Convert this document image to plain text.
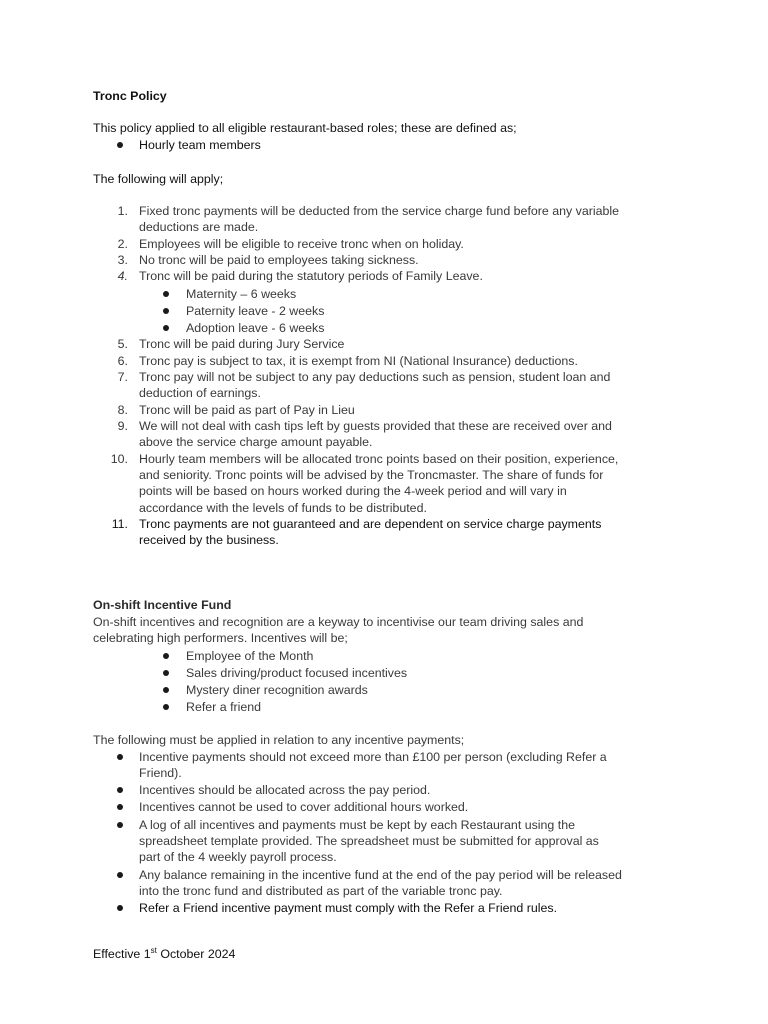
Tronc Policy
This policy applied to all eligible restaurant-based roles; these are defined as;
Hourly team members
The following will apply;
1. Fixed tronc payments will be deducted from the service charge fund before any variable
deductions are made.
2. Employees will be eligible to receive tronc when on holiday.
3. No tronc will be paid to employees taking sickness.
4. Tronc will be paid during the statutory periods of Family Leave.
Maternity – 6 weeks
Paternity leave - 2 weeks
Adoption leave - 6 weeks
5. Tronc will be paid during Jury Service
6. Tronc pay is subject to tax, it is exempt from NI (National Insurance) deductions.
7. Tronc pay will not be subject to any pay deductions such as pension, student loan and
deduction of earnings.
8. Tronc will be paid as part of Pay in Lieu
9. We will not deal with cash tips left by guests provided that these are received over and
above the service charge amount payable.
10. Hourly team members will be allocated tronc points based on their position, experience,
and seniority. Tronc points will be advised by the Troncmaster. The share of funds for
points will be based on hours worked during the 4-week period and will vary in
accordance with the levels of funds to be distributed.
11. Tronc payments are not guaranteed and are dependent on service charge payments
received by the business.
On-shift Incentive Fund
On-shift incentives and recognition are a keyway to incentivise our team driving sales and
celebrating high performers. Incentives will be;
Employee of the Month
Sales driving/product focused incentives
Mystery diner recognition awards
Refer a friend
The following must be applied in relation to any incentive payments;
Incentive payments should not exceed more than £100 per person (excluding Refer a
Friend).
Incentives should be allocated across the pay period.
Incentives cannot be used to cover additional hours worked.
A log of all incentives and payments must be kept by each Restaurant using the
spreadsheet template provided. The spreadsheet must be submitted for approval as
part of the 4 weekly payroll process.
Any balance remaining in the incentive fund at the end of the pay period will be released
into the tronc fund and distributed as part of the variable tronc pay.
Refer a Friend incentive payment must comply with the Refer a Friend rules.
Effective 1st October 2024
